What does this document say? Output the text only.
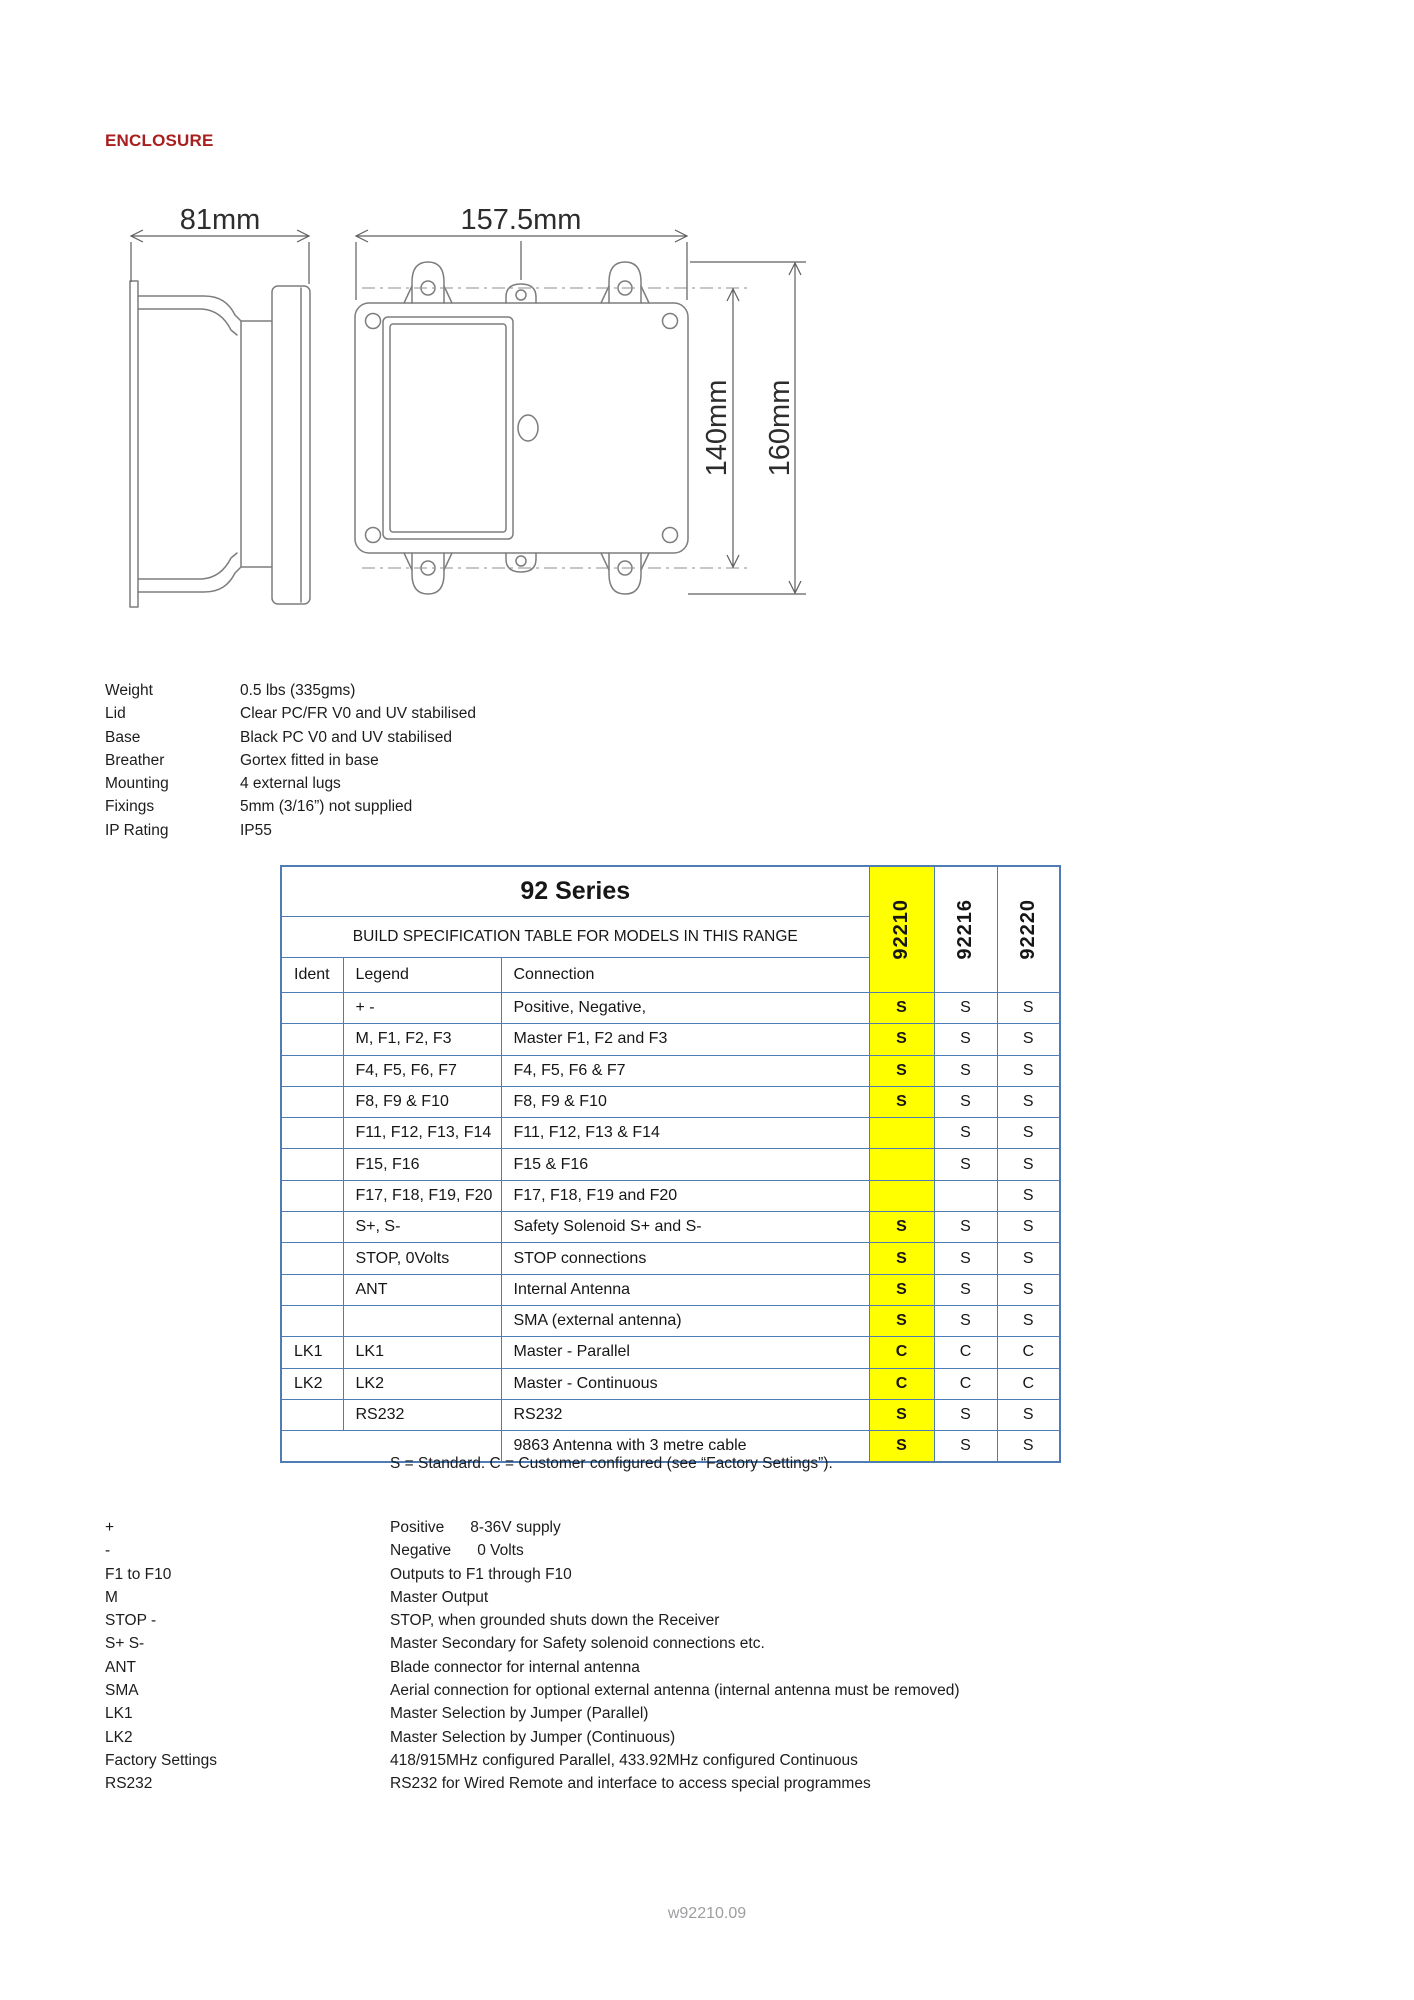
ENCLOSURE
81mm	157.5mm
140mm 160mm
Weight	0.5 lbs (335gms)
Lid	Clear PC/FR V0 and UV stabilised
Base	Black PC V0 and UV stabilised
Breather	Gortex fitted in base
Mounting	4 external lugs
Fixings	5mm (3/16”) not supplied
IP Rating	IP55
92 Series			92210	92216	92220

BUILD SPECIFICATION TABLE FOR MODELS IN THIS RANGE					
Ident	Legend	Connection			
	+ -	Positive, Negative,	S	S	S
	M, F1, F2, F3	Master F1, F2 and F3	S	S	S
	F4, F5, F6, F7	F4, F5, F6 & F7	S	S	S
	F8, F9 & F10	F8, F9 & F10	S	S	S
	F11, F12, F13, F14	F11, F12, F13 & F14		S	S
	F15, F16	F15 & F16		S	S
	F17, F18, F19, F20	F17, F18, F19 and F20			S
	S+, S-	Safety Solenoid S+ and S-	S	S	S
	STOP, 0Volts	STOP connections	S	S	S
	ANT	Internal Antenna	S	S	S
		SMA (external antenna)	S	S	S
LK1	LK1	Master - Parallel	C	C	C
LK2	LK2	Master - Continuous	C	C	C
	RS232	RS232	S	S	S
		9863 Antenna with 3 metre cable	S	S	S
S = Standard. C = Customer configured (see “Factory Settings”).
+	Positive 8-36V supply
-	Negative 0 Volts
F1 to F10	Outputs to F1 through F10
M	Master Output
STOP -	STOP, when grounded shuts down the Receiver
S+ S-	Master Secondary for Safety solenoid connections etc.
ANT	Blade connector for internal antenna
SMA	Aerial connection for optional external antenna (internal antenna must be removed)
LK1	Master Selection by Jumper (Parallel)
LK2	Master Selection by Jumper (Continuous)
Factory Settings	418/915MHz configured Parallel, 433.92MHz configured Continuous
RS232	RS232 for Wired Remote and interface to access special programmes
w92210.09
